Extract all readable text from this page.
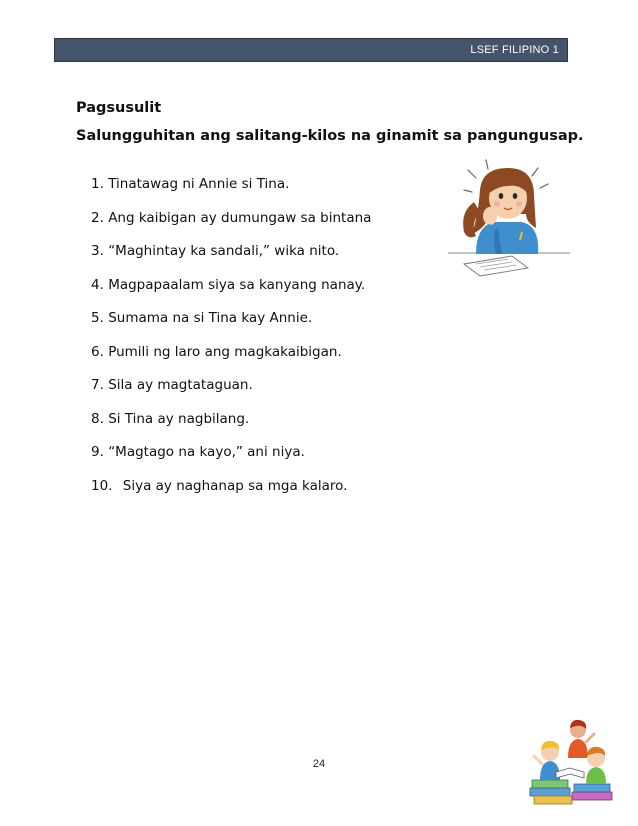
LSEF FILIPINO 1
Pagsusulit
Salungguhitan ang salitang-kilos na ginamit sa pangungusap.
1. Tinatawag ni Annie si Tina.
2. Ang kaibigan ay dumungaw sa bintana
3. “Maghintay ka sandali,” wika nito.
4. Magpapaalam siya sa kanyang nanay.
5. Sumama na si Tina kay Annie.
6. Pumili ng laro ang magkakaibigan.
7. Sila ay magtataguan.
8. Si Tina ay nagbilang.
9. “Magtago na kayo,” ani niya.
10. Siya ay naghanap sa mga kalaro.
24
